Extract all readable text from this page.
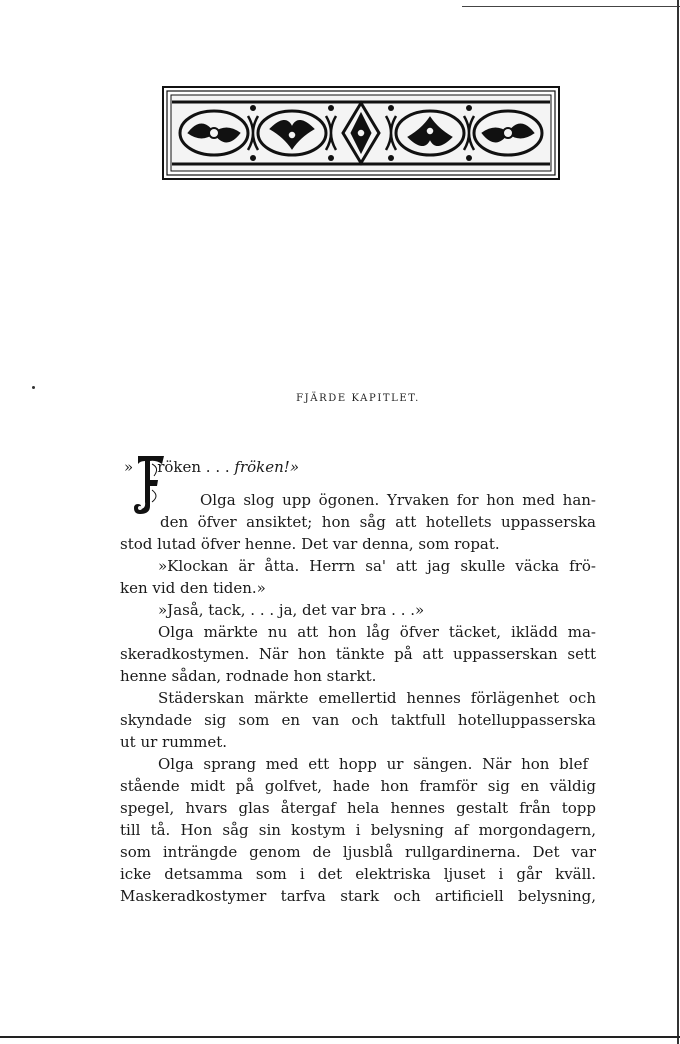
FJÄRDE KAPITLET.
» röken . . . fröken!»
Olga slog upp ögonen. Yrvaken for hon med han-
den öfver ansiktet; hon såg att hotellets uppasserska
stod lutad öfver henne. Det var denna, som ropat.
»Klockan är åtta. Herrn sa' att jag skulle väcka frö-
ken vid den tiden.»
»Jaså, tack, . . . ja, det var bra . . .»
Olga märkte nu att hon låg öfver täcket, iklädd ma-
skeradkostymen. När hon tänkte på att uppasserskan sett
henne sådan, rodnade hon starkt.
Städerskan märkte emellertid hennes förlägenhet och
skyndade sig som en van och taktfull hotelluppasserska
ut ur rummet.
Olga sprang med ett hopp ur sängen. När hon blef
stående midt på golfvet, hade hon framför sig en väldig
spegel, hvars glas återgaf hela hennes gestalt från topp
till tå. Hon såg sin kostym i belysning af morgondagern,
som inträngde genom de ljusblå rullgardinerna. Det var
icke detsamma som i det elektriska ljuset i går kväll.
Maskeradkostymer tarfva stark och artificiell belysning,
